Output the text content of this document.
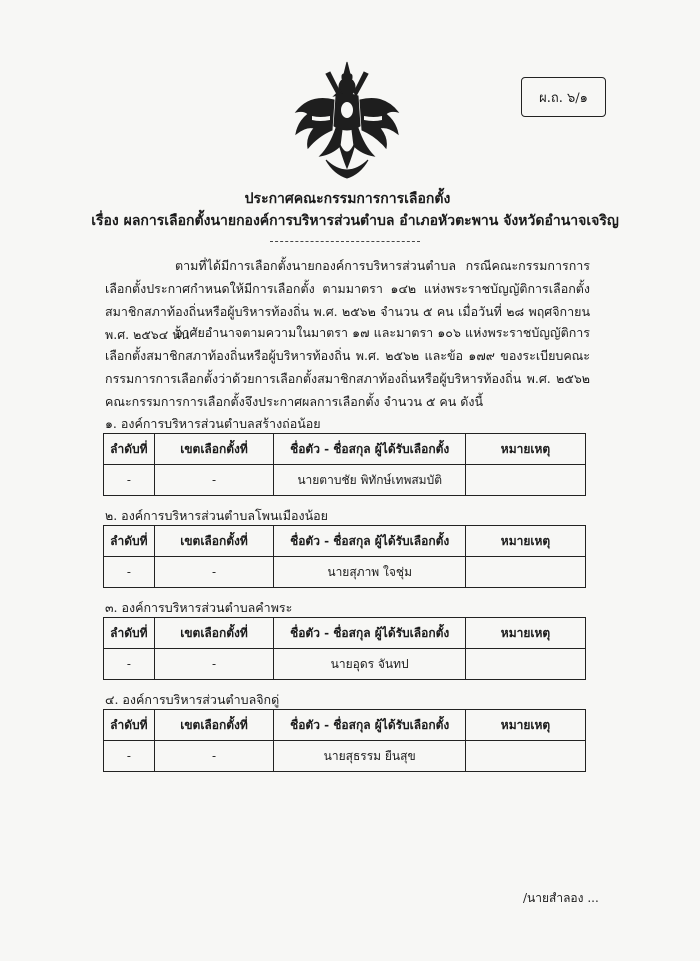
ผ.ถ. ๖/๑
ประกาศคณะกรรมการการเลือกตั้ง
เรื่อง ผลการเลือกตั้งนายกองค์การบริหารส่วนตำบล อำเภอหัวตะพาน จังหวัดอำนาจเจริญ
ตามที่ได้มีการเลือกตั้งนายกองค์การบริหารส่วนตำบล กรณีคณะกรรมการการเลือกตั้งประกาศกำหนดให้มีการเลือกตั้ง ตามมาตรา ๑๔๒ แห่งพระราชบัญญัติการเลือกตั้งสมาชิกสภาท้องถิ่นหรือผู้บริหารท้องถิ่น พ.ศ. ๒๕๖๒ จำนวน ๕ คน เมื่อวันที่ ๒๘ พฤศจิกายน พ.ศ. ๒๕๖๔ นั้น
อาศัยอำนาจตามความในมาตรา ๑๗ และมาตรา ๑๐๖ แห่งพระราชบัญญัติการเลือกตั้งสมาชิกสภาท้องถิ่นหรือผู้บริหารท้องถิ่น พ.ศ. ๒๕๖๒ และข้อ ๑๗๙ ของระเบียบคณะกรรมการการเลือกตั้งว่าด้วยการเลือกตั้งสมาชิกสภาท้องถิ่นหรือผู้บริหารท้องถิ่น พ.ศ. ๒๕๖๒ คณะกรรมการการเลือกตั้งจึงประกาศผลการเลือกตั้ง จำนวน ๕ คน ดังนี้
๑. องค์การบริหารส่วนตำบลสร้างถ่อน้อย
ลำดับที่	เขตเลือกตั้งที่	ชื่อตัว - ชื่อสกุล ผู้ได้รับเลือกตั้ง	หมายเหตุ
-	-	นายตาบชัย พิทักษ์เทพสมบัติ	
๒. องค์การบริหารส่วนตำบลโพนเมืองน้อย
ลำดับที่	เขตเลือกตั้งที่	ชื่อตัว - ชื่อสกุล ผู้ได้รับเลือกตั้ง	หมายเหตุ
-	-	นายสุภาพ ใจชุ่ม	
๓. องค์การบริหารส่วนตำบลคำพระ
ลำดับที่	เขตเลือกตั้งที่	ชื่อตัว - ชื่อสกุล ผู้ได้รับเลือกตั้ง	หมายเหตุ
-	-	นายอุดร จันทป	
๔. องค์การบริหารส่วนตำบลจิกดู่
ลำดับที่	เขตเลือกตั้งที่	ชื่อตัว - ชื่อสกุล ผู้ได้รับเลือกตั้ง	หมายเหตุ
-	-	นายสุธรรม ยืนสุข	
/นายสำลอง ...
